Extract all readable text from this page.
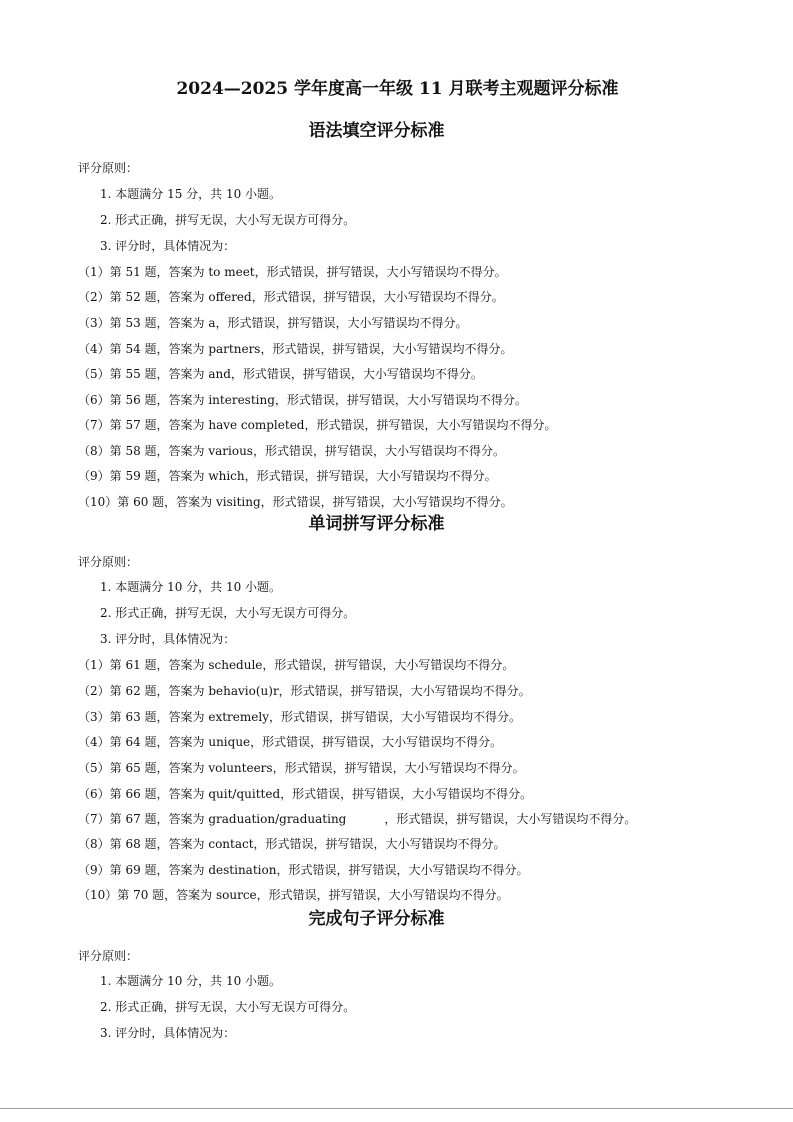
2024—2025 学年度高一年级 11 月联考主观题评分标准
语法填空评分标准
评分原则：
1. 本题满分 15 分，共 10 小题。
2. 形式正确，拼写无误，大小写无误方可得分。
3. 评分时，具体情况为：
（1）第 51 题，答案为 to meet，形式错误，拼写错误，大小写错误均不得分。
（2）第 52 题，答案为 offered，形式错误，拼写错误，大小写错误均不得分。
（3）第 53 题，答案为 a，形式错误，拼写错误，大小写错误均不得分。
（4）第 54 题，答案为 partners，形式错误，拼写错误，大小写错误均不得分。
（5）第 55 题，答案为 and，形式错误，拼写错误，大小写错误均不得分。
（6）第 56 题，答案为 interesting，形式错误，拼写错误，大小写错误均不得分。
（7）第 57 题，答案为 have completed，形式错误，拼写错误，大小写错误均不得分。
（8）第 58 题，答案为 various，形式错误，拼写错误，大小写错误均不得分。
（9）第 59 题，答案为 which，形式错误，拼写错误，大小写错误均不得分。
（10）第 60 题，答案为 visiting，形式错误，拼写错误，大小写错误均不得分。
单词拼写评分标准
评分原则：
1. 本题满分 10 分，共 10 小题。
2. 形式正确，拼写无误，大小写无误方可得分。
3. 评分时，具体情况为：
（1）第 61 题，答案为 schedule，形式错误，拼写错误，大小写错误均不得分。
（2）第 62 题，答案为 behavio(u)r，形式错误，拼写错误，大小写错误均不得分。
（3）第 63 题，答案为 extremely，形式错误，拼写错误，大小写错误均不得分。
（4）第 64 题，答案为 unique，形式错误，拼写错误，大小写错误均不得分。
（5）第 65 题，答案为 volunteers，形式错误，拼写错误，大小写错误均不得分。
（6）第 66 题，答案为 quit/quitted，形式错误，拼写错误，大小写错误均不得分。
（7）第 67 题，答案为 graduation/graduating	，形式错误，拼写错误，大小写错误均不得分。
（8）第 68 题，答案为 contact，形式错误，拼写错误，大小写错误均不得分。
（9）第 69 题，答案为 destination，形式错误，拼写错误，大小写错误均不得分。
（10）第 70 题，答案为 source，形式错误，拼写错误，大小写错误均不得分。
完成句子评分标准
评分原则：
1. 本题满分 10 分，共 10 小题。
2. 形式正确，拼写无误，大小写无误方可得分。
3. 评分时，具体情况为：
